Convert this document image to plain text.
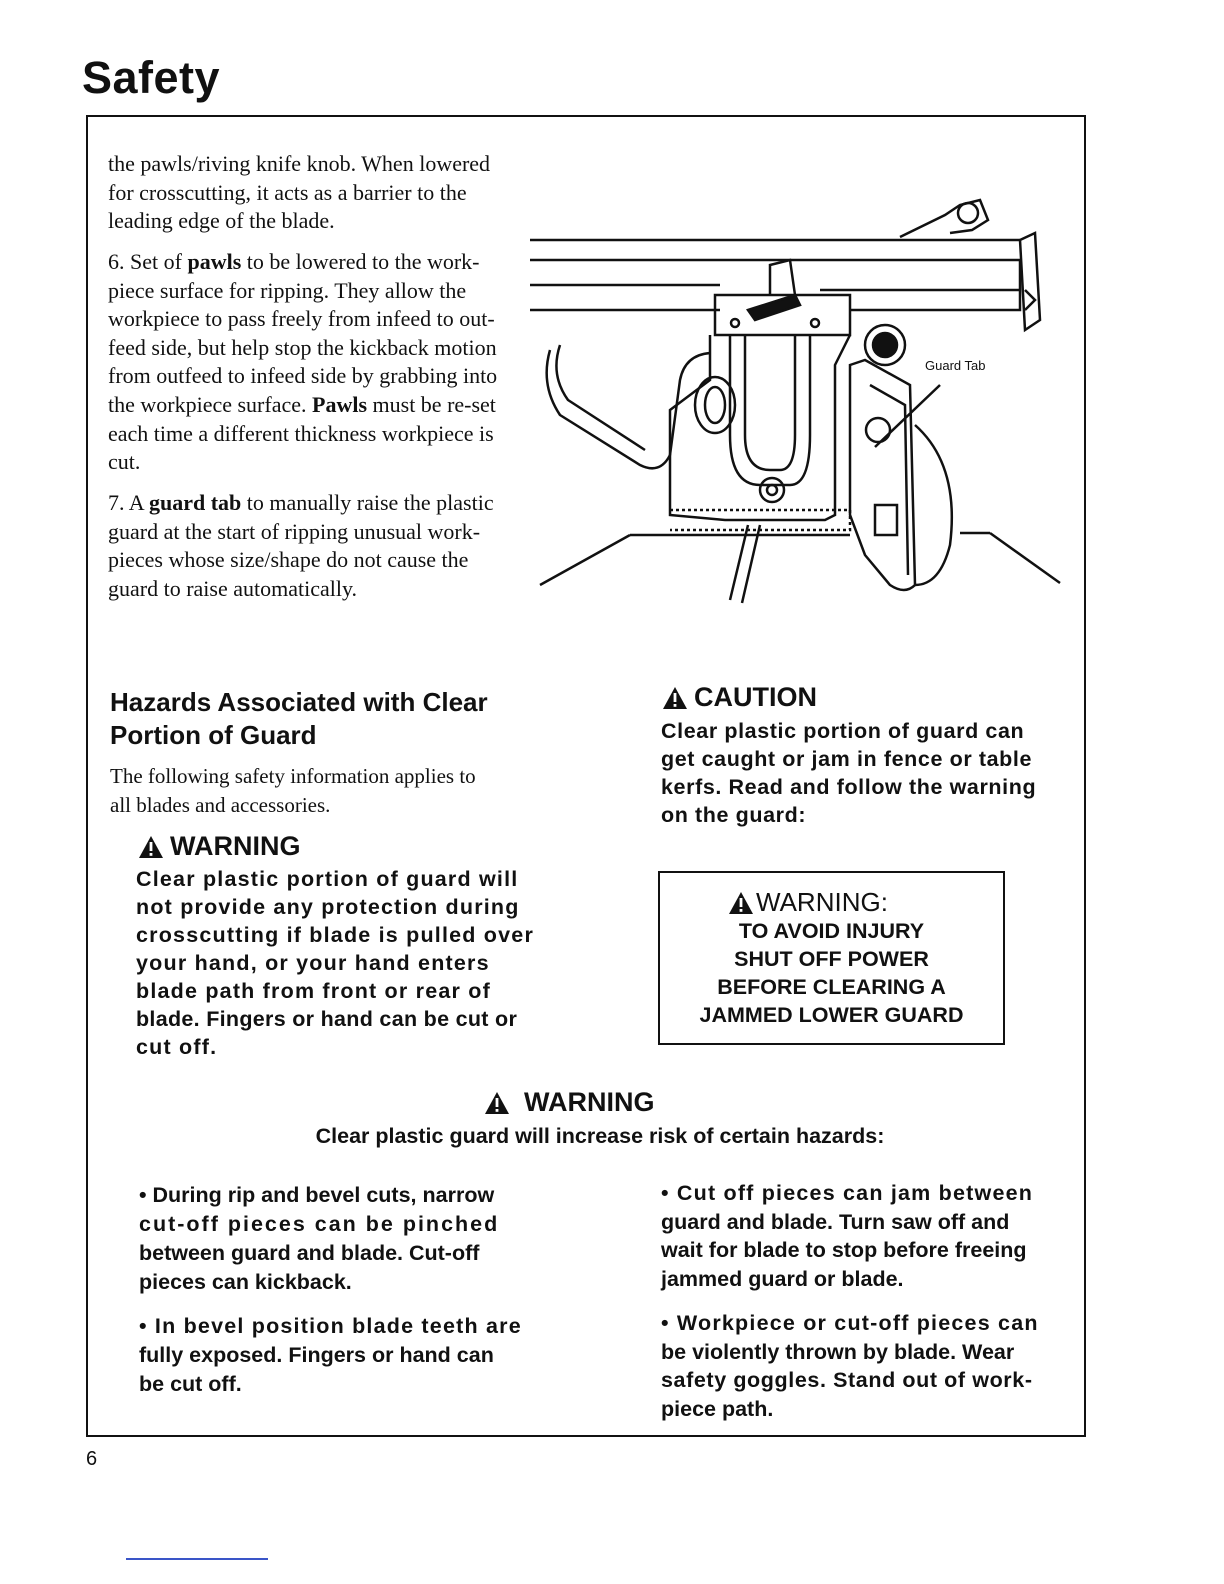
Safety
the pawls/riving knife knob. When lowered
for crosscutting, it acts as a barrier to the
leading edge of the blade.
6. Set of pawls to be lowered to the work-
piece surface for ripping. They allow the
workpiece to pass freely from infeed to out-
feed side, but help stop the kickback motion
from outfeed to infeed side by grabbing into
the workpiece surface. Pawls must be re-set
each time a different thickness workpiece is
cut.
7. A guard tab to manually raise the plastic
guard at the start of ripping unusual work-
pieces whose size/shape do not cause the
guard to raise automatically.
Guard Tab
Hazards Associated with Clear
Portion of Guard
The following safety information applies to
all blades and accessories.
WARNING
Clear plastic portion of guard will
not provide any protection during
crosscutting if blade is pulled over
your hand, or your hand enters
blade path from front or rear of
blade. Fingers or hand can be cut or
cut off.
CAUTION
Clear plastic portion of guard can
get caught or jam in fence or table
kerfs. Read and follow the warning
on the guard:
WARNING:
TO AVOID INJURY
SHUT OFF POWER
BEFORE CLEARING A
JAMMED LOWER GUARD
WARNING
Clear plastic guard will increase risk of certain hazards:
• During rip and bevel cuts, narrow
cut-off pieces can be pinched
between guard and blade. Cut-off
pieces can kickback.
• In bevel position blade teeth are
fully exposed. Fingers or hand can
be cut off.
• Cut off pieces can jam between
guard and blade. Turn saw off and
wait for blade to stop before freeing
jammed guard or blade.
• Workpiece or cut-off pieces can
be violently thrown by blade. Wear
safety goggles. Stand out of work-
piece path.
6
